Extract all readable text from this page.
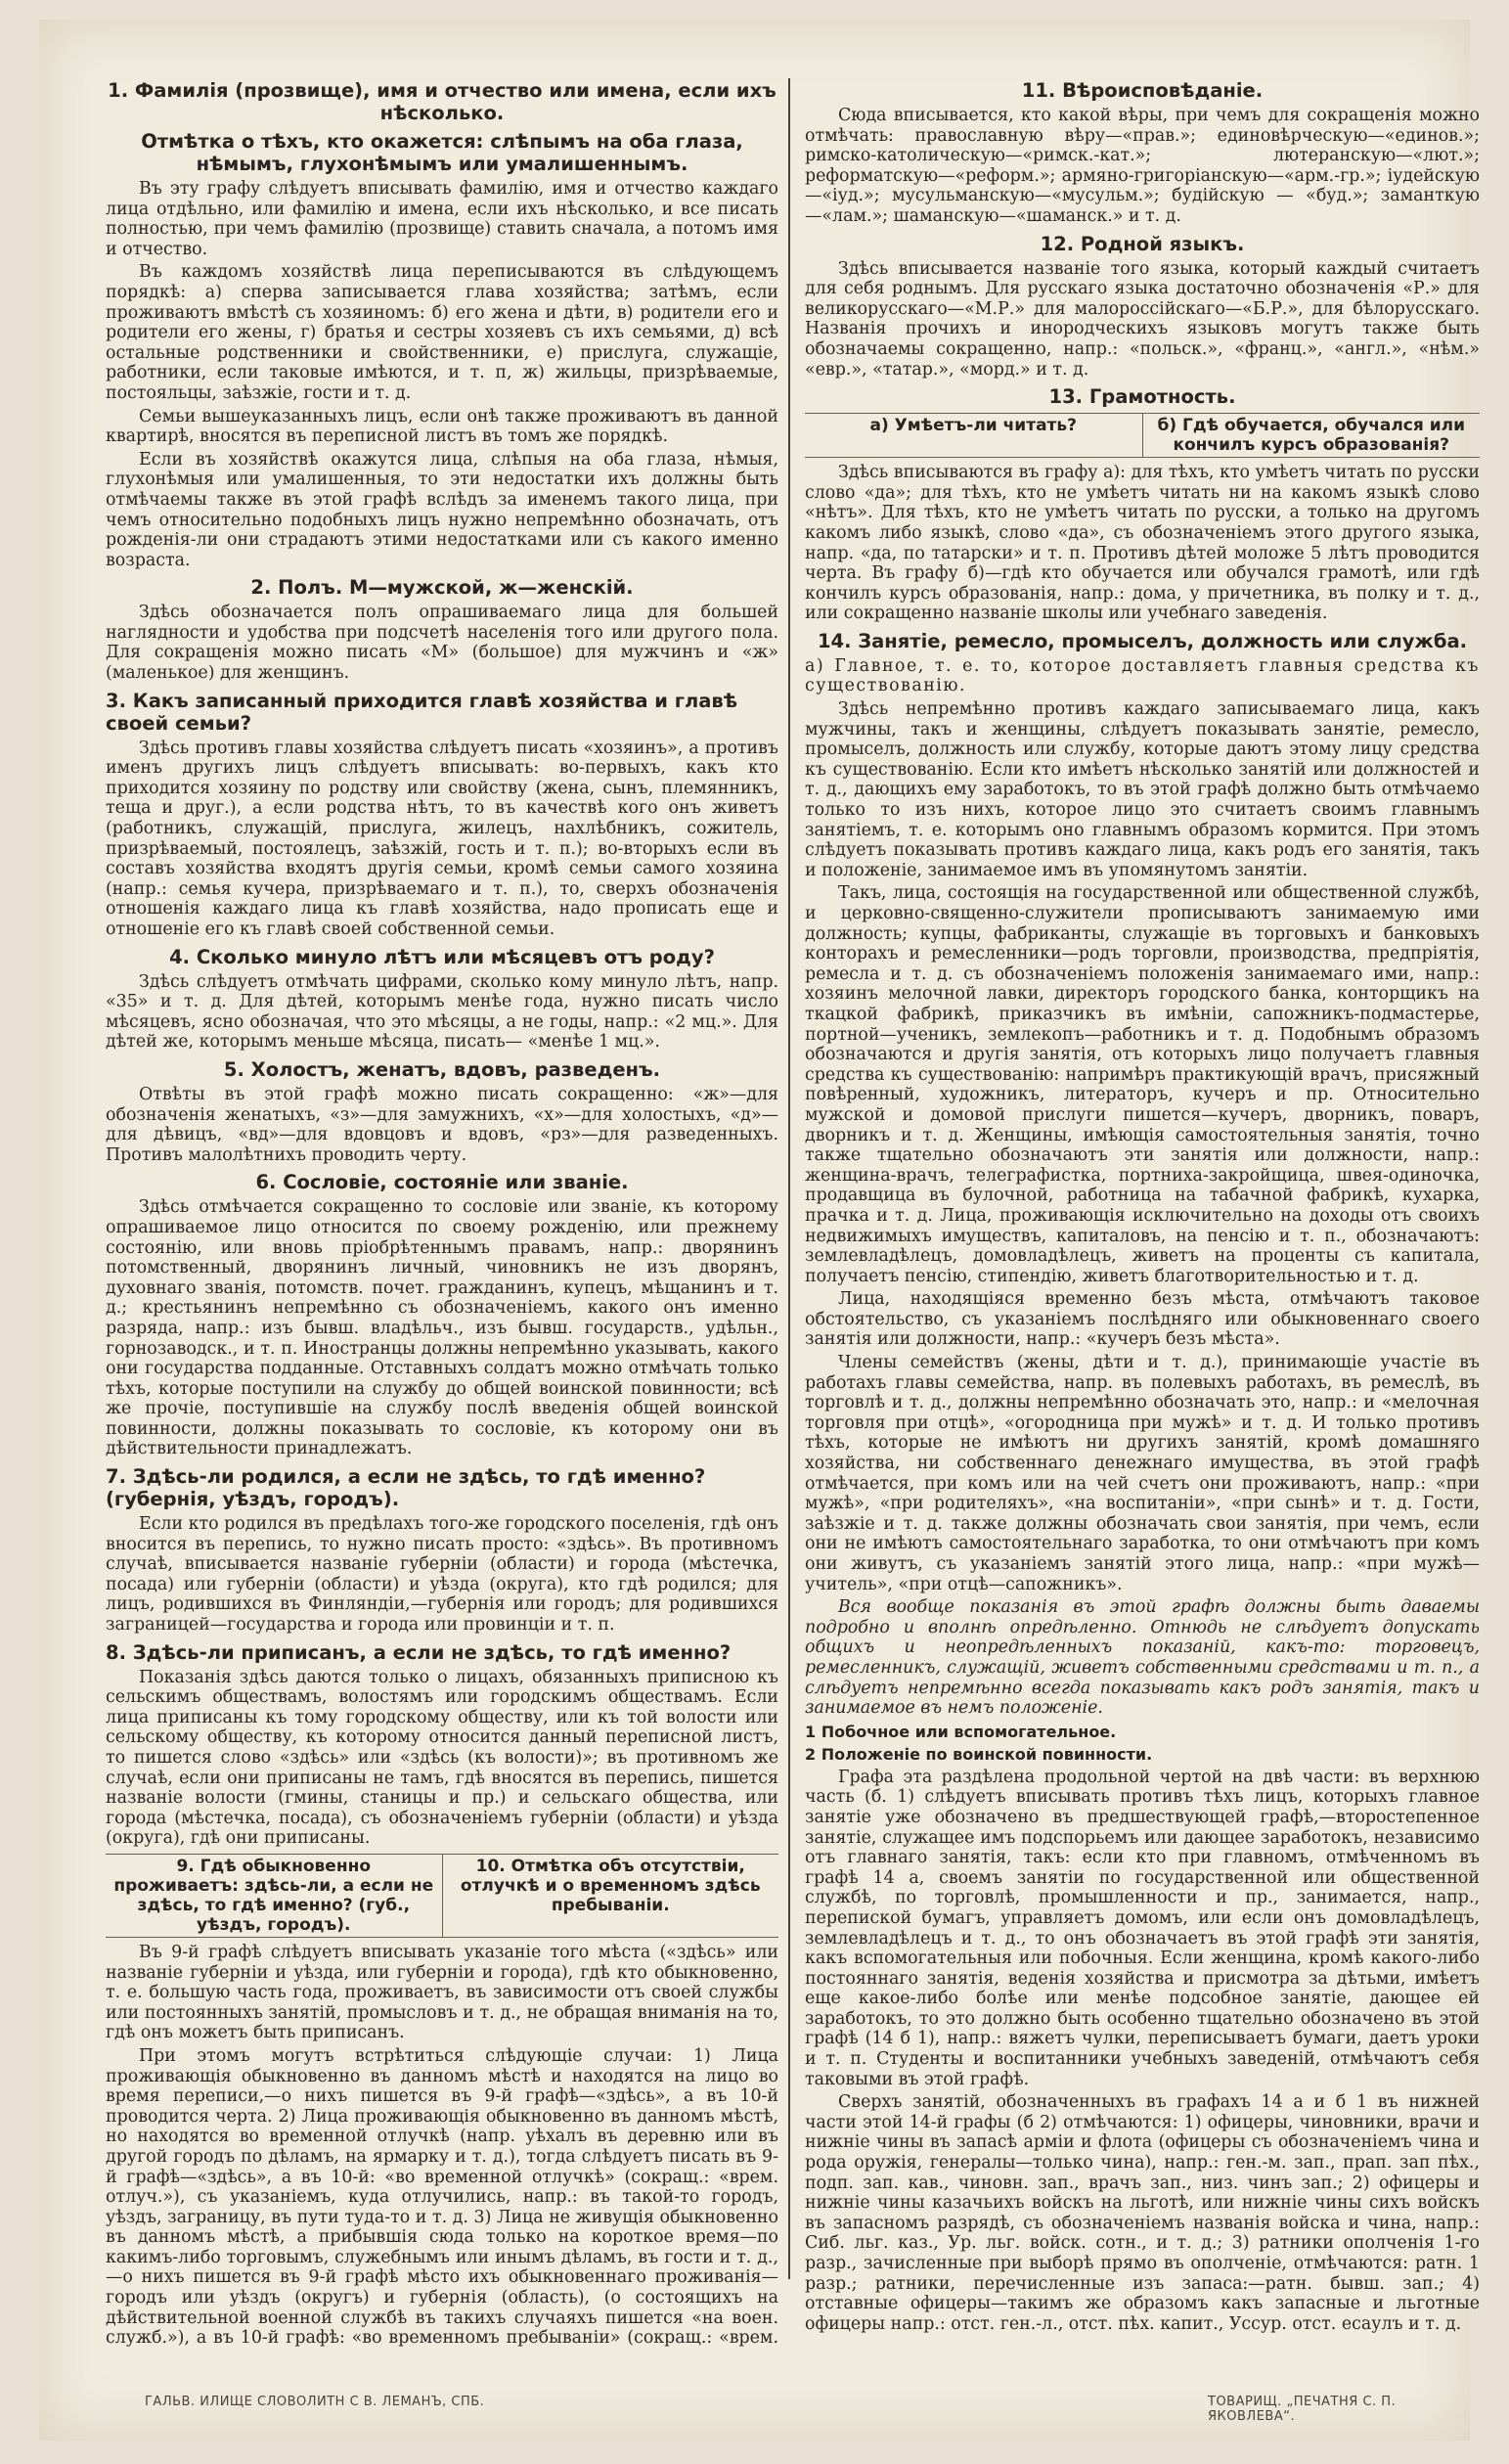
1. Фамилія (прозвище), имя и отчество или имена, если ихъ нѣсколько.
Отмѣтка о тѣхъ, кто окажется: слѣпымъ на оба глаза, нѣмымъ, глухонѣмымъ или умалишеннымъ.

Въ эту графу слѣдуетъ вписывать фамилію, имя и отчество каждаго лица отдѣльно, или фамилію и имена, если ихъ нѣсколько, и все писать полностью, при чемъ фамилію (прозвище) ставить сначала, а потомъ имя и отчество.

Въ каждомъ хозяйствѣ лица переписываются въ слѣдующемъ порядкѣ: а) сперва записывается глава хозяйства; затѣмъ, если проживаютъ вмѣстѣ съ хозяиномъ: б) его жена и дѣти, в) родители его и родители его жены, г) братья и сестры хозяевъ съ ихъ семьями, д) всѣ остальные родственники и свойственники, е) прислуга, служащіе, работники, если таковые имѣются, и т. п, ж) жильцы, призрѣваемые, постояльцы, заѣзжіе, гости и т. д.

Семьи вышеуказанныхъ лицъ, если онѣ также проживаютъ въ данной квартирѣ, вносятся въ переписной листъ въ томъ же порядкѣ.

Если въ хозяйствѣ окажутся лица, слѣпыя на оба глаза, нѣмыя, глухонѣмыя или умалишенныя, то эти недостатки ихъ должны быть отмѣчаемы также въ этой графѣ вслѣдъ за именемъ такого лица, при чемъ относительно подобныхъ лицъ нужно непремѣнно обозначать, отъ рожденія-ли они страдаютъ этими недостатками или съ какого именно возраста.

2. Полъ. М—мужской, ж—женскій.

Здѣсь обозначается полъ опрашиваемаго лица для большей наглядности и удобства при подсчетѣ населенія того или другого пола. Для сокращенія можно писать «М» (большое) для мужчинъ и «ж» (маленькое) для женщинъ.

3. Какъ записанный приходится главѣ хозяйства и главѣ своей семьи?

Здѣсь противъ главы хозяйства слѣдуетъ писать «хозяинъ», а противъ именъ другихъ лицъ слѣдуетъ вписывать: во-первыхъ, какъ кто приходится хозяину по родству или свойству (жена, сынъ, племянникъ, теща и друг.), а если родства нѣтъ, то въ качествѣ кого онъ живетъ (работникъ, служащій, прислуга, жилецъ, нахлѣбникъ, сожитель, призрѣваемый, постоялецъ, заѣзжій, гость и т. п.); во-вторыхъ если въ составъ хозяйства входятъ другія семьи, кромѣ семьи самого хозяина (напр.: семья кучера, призрѣваемаго и т. п.), то, сверхъ обозначенія отношенія каждаго лица къ главѣ хозяйства, надо прописать еще и отношеніе его къ главѣ своей собственной семьи.

4. Сколько минуло лѣтъ или мѣсяцевъ отъ роду?

Здѣсь слѣдуетъ отмѣчать цифрами, сколько кому минуло лѣтъ, напр. «35» и т. д. Для дѣтей, которымъ менѣе года, нужно писать число мѣсяцевъ, ясно обозначая, что это мѣсяцы, а не годы, напр.: «2 мц.». Для дѣтей же, которымъ меньше мѣсяца, писать— «менѣе 1 мц.».

5. Холостъ, женатъ, вдовъ, разведенъ.

Отвѣты въ этой графѣ можно писать сокращенно: «ж»—для обозначенія женатыхъ, «з»—для замужнихъ, «х»—для холостыхъ, «д»—для дѣвицъ, «вд»—для вдовцовъ и вдовъ, «рз»—для разведенныхъ. Противъ малолѣтнихъ проводить черту.

6. Сословіе, состояніе или званіе.

Здѣсь отмѣчается сокращенно то сословіе или званіе, къ которому опрашиваемое лицо относится по своему рожденію, или прежнему состоянію, или вновь пріобрѣтеннымъ правамъ, напр.: дворянинъ потомственный, дворянинъ личный, чиновникъ не изъ дворянъ, духовнаго званія, потомств. почет. гражданинъ, купецъ, мѣщанинъ и т. д.; крестьянинъ непремѣнно съ обозначеніемъ, какого онъ именно разряда, напр.: изъ бывш. владѣльч., изъ бывш. государств., удѣльн., горнозаводск., и т. п. Иностранцы должны непремѣнно указывать, какого они государства подданные. Отставныхъ солдатъ можно отмѣчать только тѣхъ, которые поступили на службу до общей воинской повинности; всѣ же прочіе, поступившіе на службу послѣ введенія общей воинской повинности, должны показывать то сословіе, къ которому они въ дѣйствительности принадлежатъ.

7. Здѣсь-ли родился, а если не здѣсь, то гдѣ именно? (губернія, уѣздъ, городъ).

Если кто родился въ предѣлахъ того-же городского поселенія, гдѣ онъ вносится въ перепись, то нужно писать просто: «здѣсь». Въ противномъ случаѣ, вписывается названіе губерніи (области) и города (мѣстечка, посада) или губерніи (области) и уѣзда (округа), кто гдѣ родился; для лицъ, родившихся въ Финляндіи,—губернія или городъ; для родившихся заграницей—государства и города или провинціи и т. п.

8. Здѣсь-ли приписанъ, а если не здѣсь, то гдѣ именно?

Показанія здѣсь даются только о лицахъ, обязанныхъ приписною къ сельскимъ обществамъ, волостямъ или городскимъ обществамъ. Если лица приписаны къ тому городскому обществу, или къ той волости или сельскому обществу, къ которому относится данный переписной листъ, то пишется слово «здѣсь» или «здѣсь (къ волости)»; въ противномъ же случаѣ, если они приписаны не тамъ, гдѣ вносятся въ перепись, пишется названіе волости (гмины, станицы и пр.) и сельскаго общества, или города (мѣстечка, посада), съ обозначеніемъ губерніи (области) и уѣзда (округа), гдѣ они приписаны.

9. Гдѣ обыкновенно проживаетъ: здѣсь-ли, а если не здѣсь, то гдѣ именно? (губ., уѣздъ, городъ).
10. Отмѣтка объ отсутствіи, отлучкѣ и о временномъ здѣсь пребываніи.

Въ 9-й графѣ слѣдуетъ вписывать указаніе того мѣста («здѣсь» или названіе губерніи и уѣзда, или губерніи и города), гдѣ кто обыкновенно, т. е. большую часть года, проживаетъ, въ зависимости отъ своей службы или постоянныхъ занятій, промысловъ и т. д., не обращая вниманія на то, гдѣ онъ можетъ быть приписанъ.

При этомъ могутъ встрѣтиться слѣдующіе случаи: 1) Лица проживающія обыкновенно въ данномъ мѣстѣ и находятся на лицо во время переписи,—о нихъ пишется въ 9-й графѣ—«здѣсь», а въ 10-й проводится черта. 2) Лица проживающія обыкновенно въ данномъ мѣстѣ, но находятся во временной отлучкѣ (напр. уѣхалъ въ деревню или въ другой городъ по дѣламъ, на ярмарку и т. д.), тогда слѣдуетъ писать въ 9-й графѣ—«здѣсь», а въ 10-й: «во временной отлучкѣ» (сокращ.: «врем. отлуч.»), съ указаніемъ, куда отлучились, напр.: въ такой-то городъ, уѣздъ, заграницу, въ пути туда-то и т. д. 3) Лица не живущія обыкновенно въ данномъ мѣстѣ, а прибывшія сюда только на короткое время—по какимъ-либо торговымъ, служебнымъ или инымъ дѣламъ, въ гости и т. д.,—о нихъ пишется въ 9-й графѣ мѣсто ихъ обыкновеннаго проживанія—городъ или уѣздъ (округъ) и губернія (область), (о состоящихъ на дѣйствительной военной службѣ въ такихъ случаяхъ пишется «на воен. служб.»), а въ 10-й графѣ: «во временномъ пребываніи» (сокращ.: «врем.

11. Вѣроисповѣданіе.

Сюда вписывается, кто какой вѣры, при чемъ для сокращенія можно отмѣчать: православную вѣру—«прав.»; единовѣрческую—«единов.»; римско-католическую—«римск.-кат.»; лютеранскую—«лют.»; реформатскую—«реформ.»; армяно-григоріанскую—«арм.-гр.»; іудейскую—«іуд.»; мусульманскую—«мусульм.»; будійскую — «буд.»; заманткую—«лам.»; шаманскую—«шаманск.» и т. д.

12. Родной языкъ.

Здѣсь вписывается названіе того языка, который каждый считаетъ для себя роднымъ. Для русскаго языка достаточно обозначенія «Р.» для великорусскаго—«М.Р.» для малороссійскаго—«Б.Р.», для бѣлорусскаго. Названія прочихъ и инородческихъ языковъ могутъ также быть обозначаемы сокращенно, напр.: «польск.», «франц.», «англ.», «нѣм.» «евр.», «татар.», «морд.» и т. д.

13. Грамотность.
а) Умѣетъ-ли читать?	б) Гдѣ обучается, обучался или кончилъ курсъ образованія?

Здѣсь вписываются въ графу а): для тѣхъ, кто умѣетъ читать по русски слово «да»; для тѣхъ, кто не умѣетъ читать ни на какомъ языкѣ слово «нѣтъ». Для тѣхъ, кто не умѣетъ читать по русски, а только на другомъ какомъ либо языкѣ, слово «да», съ обозначеніемъ этого другого языка, напр. «да, по татарски» и т. п. Противъ дѣтей моложе 5 лѣтъ проводится черта. Въ графу б)—гдѣ кто обучается или обучался грамотѣ, или гдѣ кончилъ курсъ образованія, напр.: дома, у причетника, въ полку и т. д., или сокращенно названіе школы или учебнаго заведенія.

14. Занятіе, ремесло, промыселъ, должность или служба.

а) Главное, т. е. то, которое доставляетъ главныя средства къ существованію.

Здѣсь непремѣнно противъ каждаго записываемаго лица, какъ мужчины, такъ и женщины, слѣдуетъ показывать занятіе, ремесло, промыселъ, должность или службу, которые даютъ этому лицу средства къ существованію. Если кто имѣетъ нѣсколько занятій или должностей и т. д., дающихъ ему заработокъ, то въ этой графѣ должно быть отмѣчаемо только то изъ нихъ, которое лицо это считаетъ своимъ главнымъ занятіемъ, т. е. которымъ оно главнымъ образомъ кормится. При этомъ слѣдуетъ показывать противъ каждаго лица, какъ родъ его занятія, такъ и положеніе, занимаемое имъ въ упомянутомъ занятіи.

Такъ, лица, состоящія на государственной или общественной службѣ, и церковно-священно-служители прописываютъ занимаемую ими должность; купцы, фабриканты, служащіе въ торговыхъ и банковыхъ конторахъ и ремесленники—родъ торговли, производства, предпріятія, ремесла и т. д. съ обозначеніемъ положенія занимаемаго ими, напр.: хозяинъ мелочной лавки, директоръ городского банка, конторщикъ на ткацкой фабрикѣ, приказчикъ въ имѣніи, сапожникъ-подмастерье, портной—ученикъ, землекопъ—работникъ и т. д. Подобнымъ образомъ обозначаются и другія занятія, отъ которыхъ лицо получаетъ главныя средства къ существованію: напримѣръ практикующій врачъ, присяжный повѣренный, художникъ, литераторъ, кучеръ и пр. Относительно мужской и домовой прислуги пишется—кучеръ, дворникъ, поваръ, дворникъ и т. д. Женщины, имѣющія самостоятельныя занятія, точно также тщательно обозначаютъ эти занятія или должности, напр.: женщина-врачъ, телеграфистка, портниха-закройщица, швея-одиночка, продавщица въ булочной, работница на табачной фабрикѣ, кухарка, прачка и т. д. Лица, проживающія исключительно на доходы отъ своихъ недвижимыхъ имуществъ, капиталовъ, на пенсію и т. п., обозначаютъ: землевладѣлецъ, домовладѣлецъ, живетъ на проценты съ капитала, получаетъ пенсію, стипендію, живетъ благотворительностью и т. д.

Лица, находящіяся временно безъ мѣста, отмѣчаютъ таковое обстоятельство, съ указаніемъ послѣдняго или обыкновеннаго своего занятія или должности, напр.: «кучеръ безъ мѣста».

Члены семействъ (жены, дѣти и т. д.), принимающіе участіе въ работахъ главы семейства, напр. въ полевыхъ работахъ, въ ремеслѣ, въ торговлѣ и т. д., должны непремѣнно обозначать это, напр.: и «мелочная торговля при отцѣ», «огородница при мужѣ» и т. д. И только противъ тѣхъ, которые не имѣютъ ни другихъ занятій, кромѣ домашняго хозяйства, ни собственнаго денежнаго имущества, въ этой графѣ отмѣчается, при комъ или на чей счетъ они проживаютъ, напр.: «при мужѣ», «при родителяхъ», «на воспитаніи», «при сынѣ» и т. д. Гости, заѣзжіе и т. д. также должны обозначать свои занятія, при чемъ, если они не имѣютъ самостоятельнаго заработка, то они отмѣчаютъ при комъ они живутъ, съ указаніемъ занятій этого лица, напр.: «при мужѣ—учитель», «при отцѣ—сапожникъ».

Вся вообще показанія въ этой графѣ должны быть даваемы подробно и вполнѣ опредѣленно. Отнюдь не слѣдуетъ допускать общихъ и неопредѣленныхъ показаній, какъ-то: торговецъ, ремесленникъ, служащій, живетъ собственными средствами и т. п., а слѣдуетъ непремѣнно всегда показывать какъ родъ занятія, такъ и занимаемое въ немъ положеніе.

1 Побочное или вспомогательное.
2 Положеніе по воинской повинности.

Графа эта раздѣлена продольной чертой на двѣ части: въ верхнюю часть (б. 1) слѣдуетъ вписывать противъ тѣхъ лицъ, которыхъ главное занятіе уже обозначено въ предшествующей графѣ,—второстепенное занятіе, служащее имъ подспорьемъ или дающее заработокъ, независимо отъ главнаго занятія, такъ: если кто при главномъ, отмѣченномъ въ графѣ 14 а, своемъ занятіи по государственной или общественной службѣ, по торговлѣ, промышленности и пр., занимается, напр., перепиской бумагъ, управляетъ домомъ, или если онъ домовладѣлецъ, землевладѣлецъ и т. д., то онъ обозначаетъ въ этой графѣ эти занятія, какъ вспомогательныя или побочныя. Если женщина, кромѣ какого-либо постояннаго занятія, веденія хозяйства и присмотра за дѣтьми, имѣетъ еще какое-либо болѣе или менѣе подсобное занятіе, дающее ей заработокъ, то это должно быть особенно тщательно обозначено въ этой графѣ (14 б 1), напр.: вяжетъ чулки, переписываетъ бумаги, даетъ уроки и т. п. Студенты и воспитанники учебныхъ заведеній, отмѣчаютъ себя таковыми въ этой графѣ.

Сверхъ занятій, обозначенныхъ въ графахъ 14 а и б 1 въ нижней части этой 14-й графы (б 2) отмѣчаются: 1) офицеры, чиновники, врачи и нижніе чины въ запасѣ арміи и флота (офицеры съ обозначеніемъ чина и рода оружія, генералы—только чина), напр.: ген.-м. зап., прап. зап пѣх., подп. зап. кав., чиновн. зап., врачъ зап., низ. чинъ зап.; 2) офицеры и нижніе чины казачьихъ войскъ на льготѣ, или нижніе чины сихъ войскъ въ запасномъ разрядѣ, съ обозначеніемъ названія войска и чина, напр.: Сиб. льг. каз., Ур. льг. войск. сотн., и т. д.; 3) ратники ополченія 1-го разр., зачисленные при выборѣ прямо въ ополченіе, отмѣчаются: ратн. 1 разр.; ратники, перечисленные изъ запаса:—ратн. бывш. зап.; 4) отставные офицеры—такимъ же образомъ какъ запасные и льготные офицеры напр.: отст. ген.-л., отст. пѣх. капит., Уссур. отст. есаулъ и т. д.

ГАЛЬВ. ИЛИЩЕ СЛОВОЛИТН С В. ЛЕМАНЪ, СПБ.	ТОВАРИЩ. „ПЕЧАТНЯ С. П. ЯКОВЛЕВА“.
